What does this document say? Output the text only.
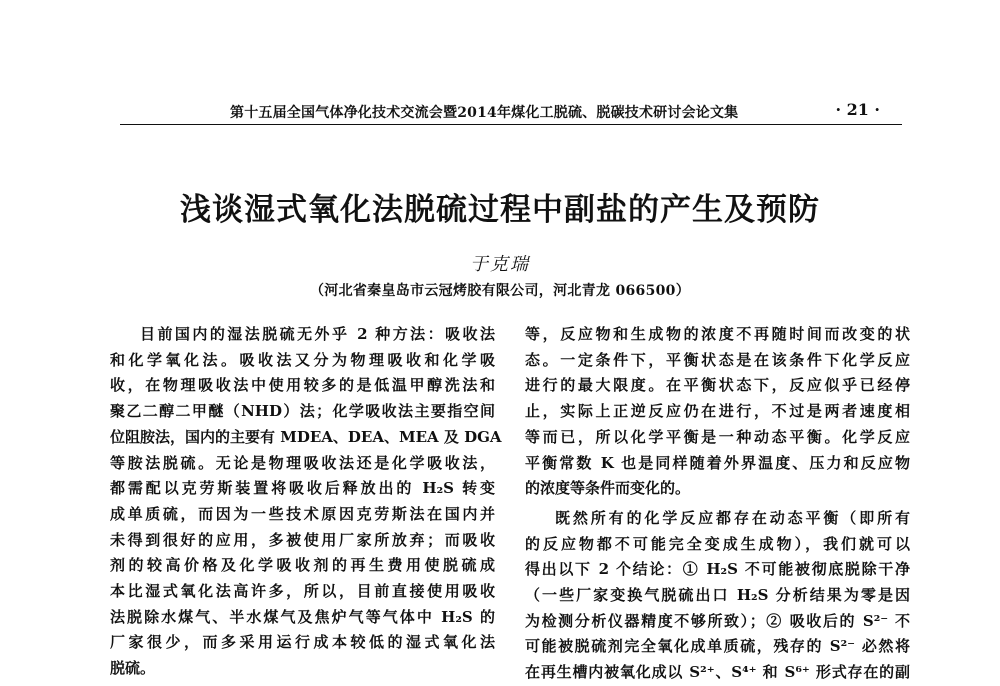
第十五届全国气体净化技术交流会暨2014年煤化工脱硫、脱碳技术研讨会论文集	· 21 ·
浅谈湿式氧化法脱硫过程中副盐的产生及预防
于克瑞
（河北省秦皇岛市云冠烤胶有限公司，河北青龙 066500）
目前国内的湿法脱硫无外乎 2 种方法：吸收法
和化学氧化法。吸收法又分为物理吸收和化学吸
收，在物理吸收法中使用较多的是低温甲醇洗法和
聚乙二醇二甲醚（NHD）法；化学吸收法主要指空间
位阻胺法，国内的主要有 MDEA、DEA、MEA 及 DGA
等胺法脱硫。无论是物理吸收法还是化学吸收法，
都需配以克劳斯装置将吸收后释放出的 H₂S 转变
成单质硫，而因为一些技术原因克劳斯法在国内并
未得到很好的应用，多被使用厂家所放弃；而吸收
剂的较高价格及化学吸收剂的再生费用使脱硫成
本比湿式氧化法高许多，所以，目前直接使用吸收
法脱除水煤气、半水煤气及焦炉气等气体中 H₂S 的
厂家很少，而多采用运行成本较低的湿式氧化法
脱硫。
等，反应物和生成物的浓度不再随时间而改变的状
态。一定条件下，平衡状态是在该条件下化学反应
进行的最大限度。在平衡状态下，反应似乎已经停
止，实际上正逆反应仍在进行，不过是两者速度相
等而已，所以化学平衡是一种动态平衡。化学反应
平衡常数 K 也是同样随着外界温度、压力和反应物
的浓度等条件而变化的。
既然所有的化学反应都存在动态平衡（即所有
的反应物都不可能完全变成生成物），我们就可以
得出以下 2 个结论：① H₂S 不可能被彻底脱除干净
（一些厂家变换气脱硫出口 H₂S 分析结果为零是因
为检测分析仪器精度不够所致）；② 吸收后的 S²⁻ 不
可能被脱硫剂完全氧化成单质硫，残存的 S²⁻ 必然将
在再生槽内被氧化成以 S²⁺、S⁴⁺ 和 S⁶⁺ 形式存在的副
